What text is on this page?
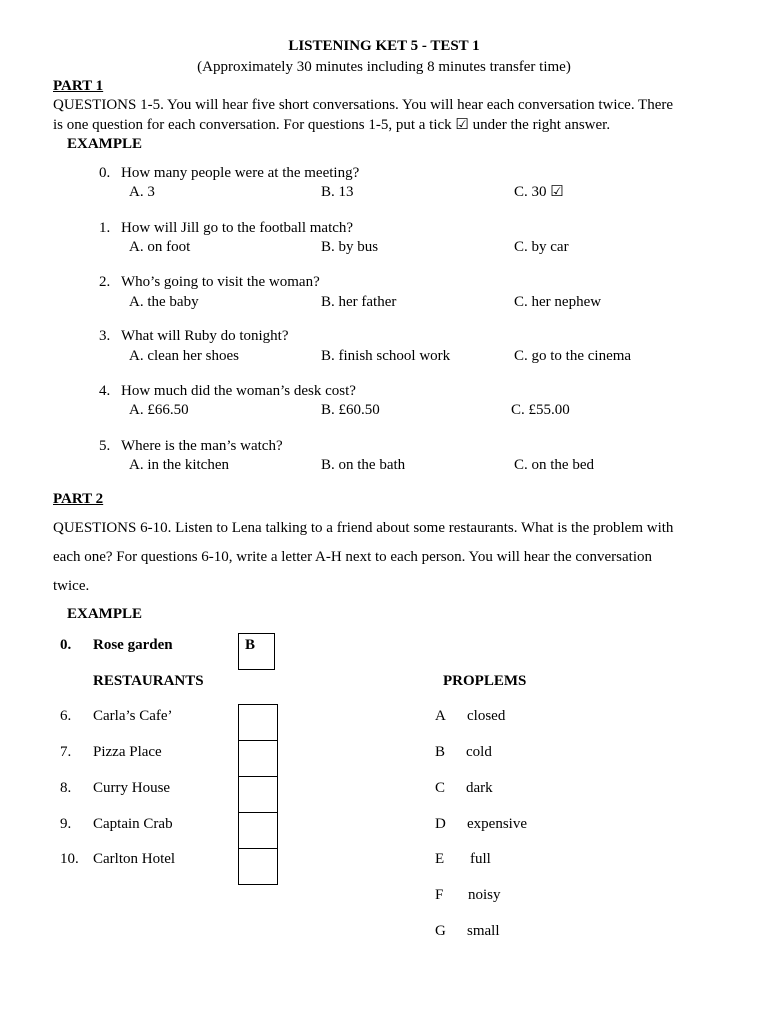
LISTENING KET 5 - TEST 1
(Approximately 30 minutes including 8 minutes transfer time)
PART 1
QUESTIONS 1-5. You will hear five short conversations. You will hear each conversation twice. There
is one question for each conversation. For questions 1-5, put a tick ☑ under the right answer.
EXAMPLE
0. How many people were at the meeting?
A. 3	B. 13	C. 30 ☑
1. How will Jill go to the football match?
A. on foot	B. by bus	C. by car
2. Who’s going to visit the woman?
A. the baby	B. her father	C. her nephew
3. What will Ruby do tonight?
A. clean her shoes	B. finish school work	C. go to the cinema
4. How much did the woman’s desk cost?
A. £66.50	B. £60.50	C. £55.00
5. Where is the man’s watch?
A. in the kitchen	B. on the bath	C. on the bed
PART 2
QUESTIONS 6-10. Listen to Lena talking to a friend about some restaurants. What is the problem with
each one? For questions 6-10, write a letter A-H next to each person. You will hear the conversation
twice.
EXAMPLE
0. Rose garden	B
RESTAURANTS	PROPLEMS
6. Carla’s Cafe’
7. Pizza Place
8. Curry House
9. Captain Crab
10. Carlton Hotel
A closed
B cold
C dark
D expensive
E full
F noisy
G small
